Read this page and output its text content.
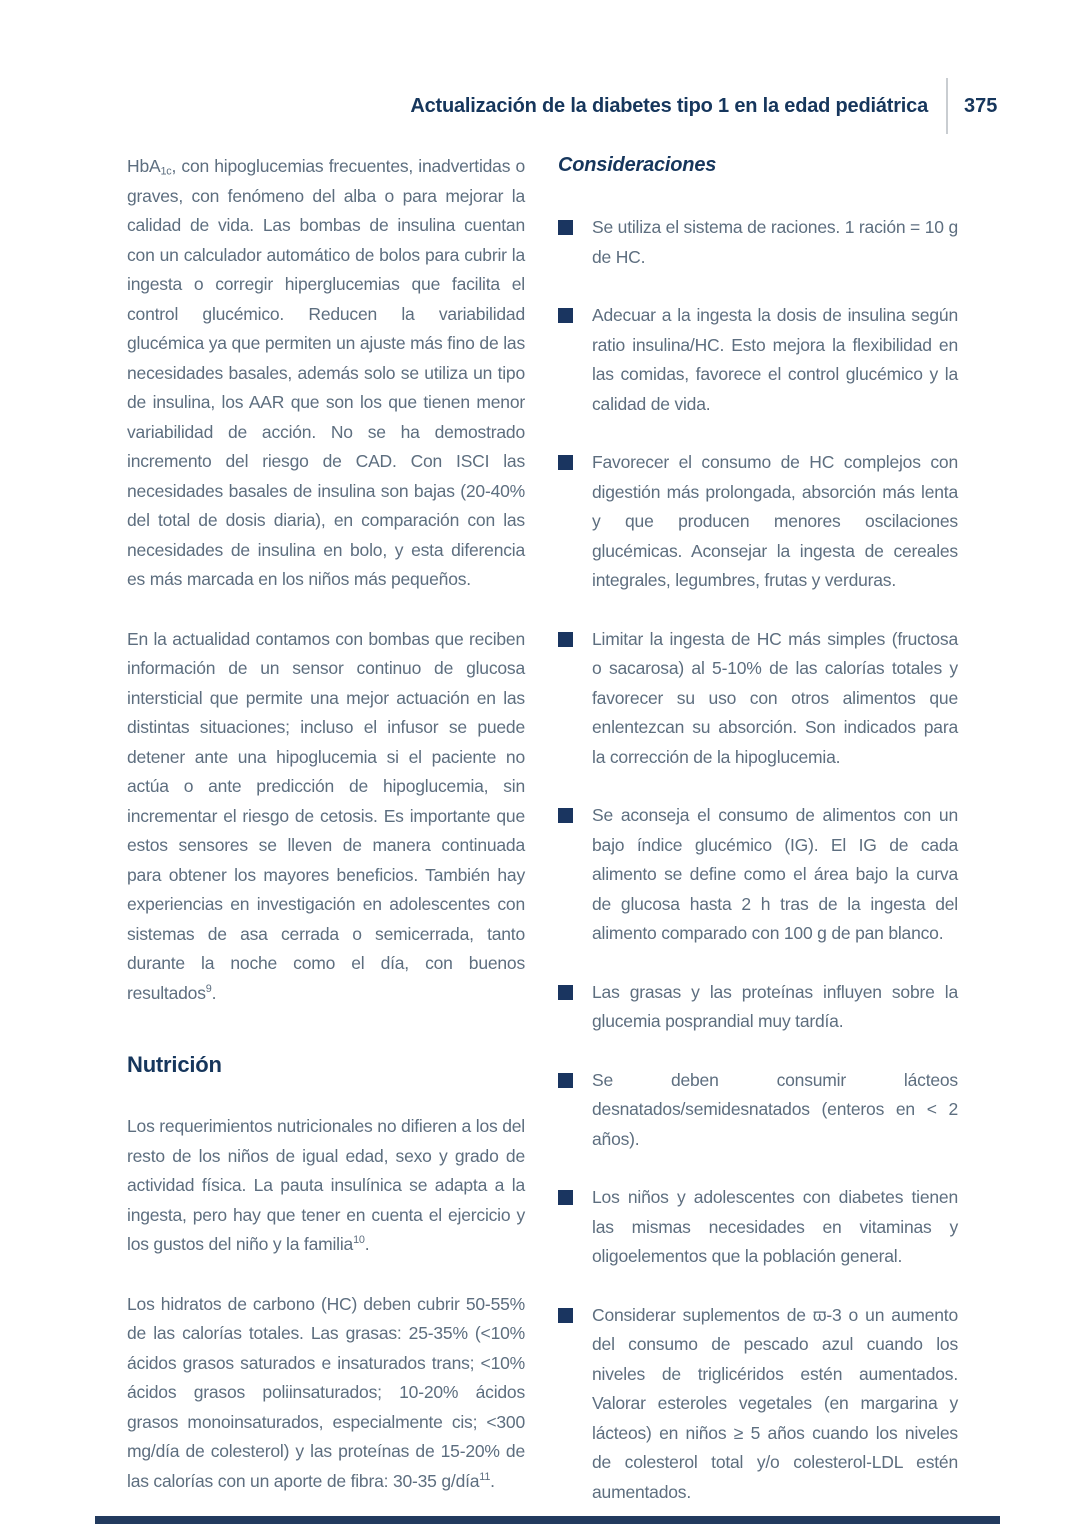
Actualización de la diabetes tipo 1 en la edad pediátrica 375

HbA$_{1c}$, con hipoglucemias frecuentes, inadvertidas o graves, con fenómeno del alba o para mejorar la calidad de vida. Las bombas de insulina cuentan con un calculador automático de bolos para cubrir la ingesta o corregir hiperglucemias que facilita el control glucémico. Reducen la variabilidad glucémica ya que permiten un ajuste más fino de las necesidades basales, además solo se utiliza un tipo de insulina, los AAR que son los que tienen menor variabilidad de acción. No se ha demostrado incremento del riesgo de CAD. Con ISCI las necesidades basales de insulina son bajas (20-40% del total de dosis diaria), en comparación con las necesidades de insulina en bolo, y esta diferencia es más marcada en los niños más pequeños.

En la actualidad contamos con bombas que reciben información de un sensor continuo de glucosa intersticial que permite una mejor actuación en las distintas situaciones; incluso el infusor se puede detener ante una hipoglucemia si el paciente no actúa o ante predicción de hipoglucemia, sin incrementar el riesgo de cetosis. Es importante que estos sensores se lleven de manera continuada para obtener los mayores beneficios. También hay experiencias en investigación en adolescentes con sistemas de asa cerrada o semicerrada, tanto durante la noche como el día, con buenos resultados$^9$.

Nutrición

Los requerimientos nutricionales no difieren a los del resto de los niños de igual edad, sexo y grado de actividad física. La pauta insulínica se adapta a la ingesta, pero hay que tener en cuenta el ejercicio y los gustos del niño y la familia$^{10}$.

Los hidratos de carbono (HC) deben cubrir 50-55% de las calorías totales. Las grasas: 25-35% (<10% ácidos grasos saturados e insaturados trans; <10% ácidos grasos poliinsaturados; 10-20% ácidos grasos monoinsaturados, especialmente cis; <300 mg/día de colesterol) y las proteínas de 15-20% de las calorías con un aporte de fibra: 30-35 g/día$^{11}$.

Consideraciones
Se utiliza el sistema de raciones. 1 ración = 10 g de HC.
Adecuar a la ingesta la dosis de insulina según ratio insulina/HC. Esto mejora la flexibilidad en las comidas, favorece el control glucémico y la calidad de vida.
Favorecer el consumo de HC complejos con digestión más prolongada, absorción más lenta y que producen menores oscilaciones glucémicas. Aconsejar la ingesta de cereales integrales, legumbres, frutas y verduras.
Limitar la ingesta de HC más simples (fructosa o sacarosa) al 5-10% de las calorías totales y favorecer su uso con otros alimentos que enlentezcan su absorción. Son indicados para la corrección de la hipoglucemia.
Se aconseja el consumo de alimentos con un bajo índice glucémico (IG). El IG de cada alimento se define como el área bajo la curva de glucosa hasta 2 h tras de la ingesta del alimento comparado con 100 g de pan blanco.
Las grasas y las proteínas influyen sobre la glucemia posprandial muy tardía.
Se deben consumir lácteos desnatados/semidesnatados (enteros en < 2 años).
Los niños y adolescentes con diabetes tienen las mismas necesidades en vitaminas y oligoelementos que la población general.
Considerar suplementos de ϖ-3 o un aumento del consumo de pescado azul cuando los niveles de triglicéridos estén aumentados. Valorar esteroles vegetales (en margarina y lácteos) en niños ≥ 5 años cuando los niveles de colesterol total y/o colesterol-LDL estén aumentados.
